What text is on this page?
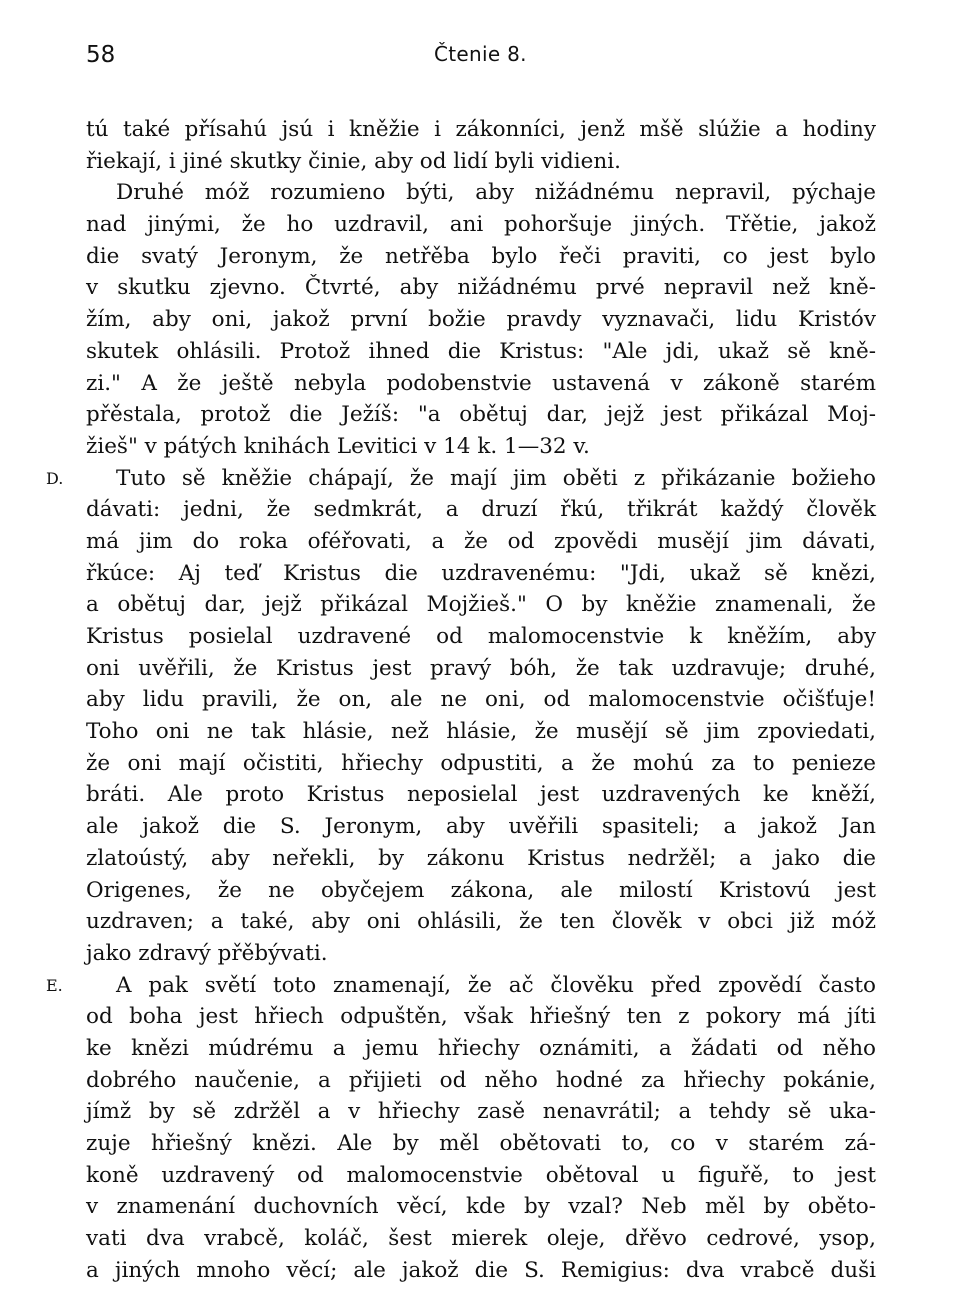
58	Čtenie 8.
tú také přísahú jsú i kněžie i zákonníci, jenž mšě slúžie a hodiny
řiekají, i jiné skutky činie, aby od lidí byli vidieni.
Druhé móž rozumieno býti, aby nižádnému nepravil, pýchaje
nad jinými, že ho uzdravil, ani pohoršuje jiných. Třětie, jakož
die svatý Jeronym, že netřěba bylo řeči praviti, co jest bylo
v skutku zjevno. Čtvrté, aby nižádnému prvé nepravil než kně-
žím, aby oni, jakož první božie pravdy vyznavači, lidu Kristóv
skutek ohlásili. Protož ihned die Kristus: "Ale jdi, ukaž sě kně-
zi." A že ještě nebyla podobenstvie ustavená v zákoně starém
přěstala, protož die Ježíš: "a obětuj dar, jejž jest přikázal Moj-
žieš" v pátých knihách Levitici v 14 k. 1—32 v.
D. Tuto sě kněžie chápají, že mají jim oběti z přikázanie božieho
dávati: jedni, že sedmkrát, a druzí řkú, třikrát každý člověk
má jim do roka oféřovati, a že od zpovědi musějí jim dávati,
řkúce: Aj teď Kristus die uzdravenému: "Jdi, ukaž sě knězi,
a obětuj dar, jejž přikázal Mojžieš." O by kněžie znamenali, že
Kristus posielal uzdravené od malomocenstvie k kněžím, aby
oni uvěřili, že Kristus jest pravý bóh, že tak uzdravuje; druhé,
aby lidu pravili, že on, ale ne oni, od malomocenstvie očišťuje!
Toho oni ne tak hlásie, než hlásie, že musějí sě jim zpoviedati,
že oni mají očistiti, hřiechy odpustiti, a že mohú za to penieze
bráti. Ale proto Kristus neposielal jest uzdravených ke kněží,
ale jakož die S. Jeronym, aby uvěřili spasiteli; a jakož Jan
zlatoústý, aby neřekli, by zákonu Kristus nedržěl; a jako die
Origenes, že ne obyčejem zákona, ale milostí Kristovú jest
uzdraven; a také, aby oni ohlásili, že ten člověk v obci již móž
jako zdravý přěbývati.
E. A pak světí toto znamenají, že ač člověku před zpovědí často
od boha jest hřiech odpuštěn, však hřiešný ten z pokory má jíti
ke knězi múdrému a jemu hřiechy oznámiti, a žádati od něho
dobrého naučenie, a přijieti od něho hodné za hřiechy pokánie,
jímž by sě zdržěl a v hřiechy zasě nenavrátil; a tehdy sě uka-
zuje hřiešný knězi. Ale by měl obětovati to, co v starém zá-
koně uzdravený od malomocenstvie obětoval u figuřě, to jest
v znamenání duchovních věcí, kde by vzal? Neb měl by obětо-
vati dva vrabcě, koláč, šest mierek oleje, dřěvo cedrové, ysop,
a jiných mnoho věcí; ale jakož die S. Remigius: dva vrabcě duši
